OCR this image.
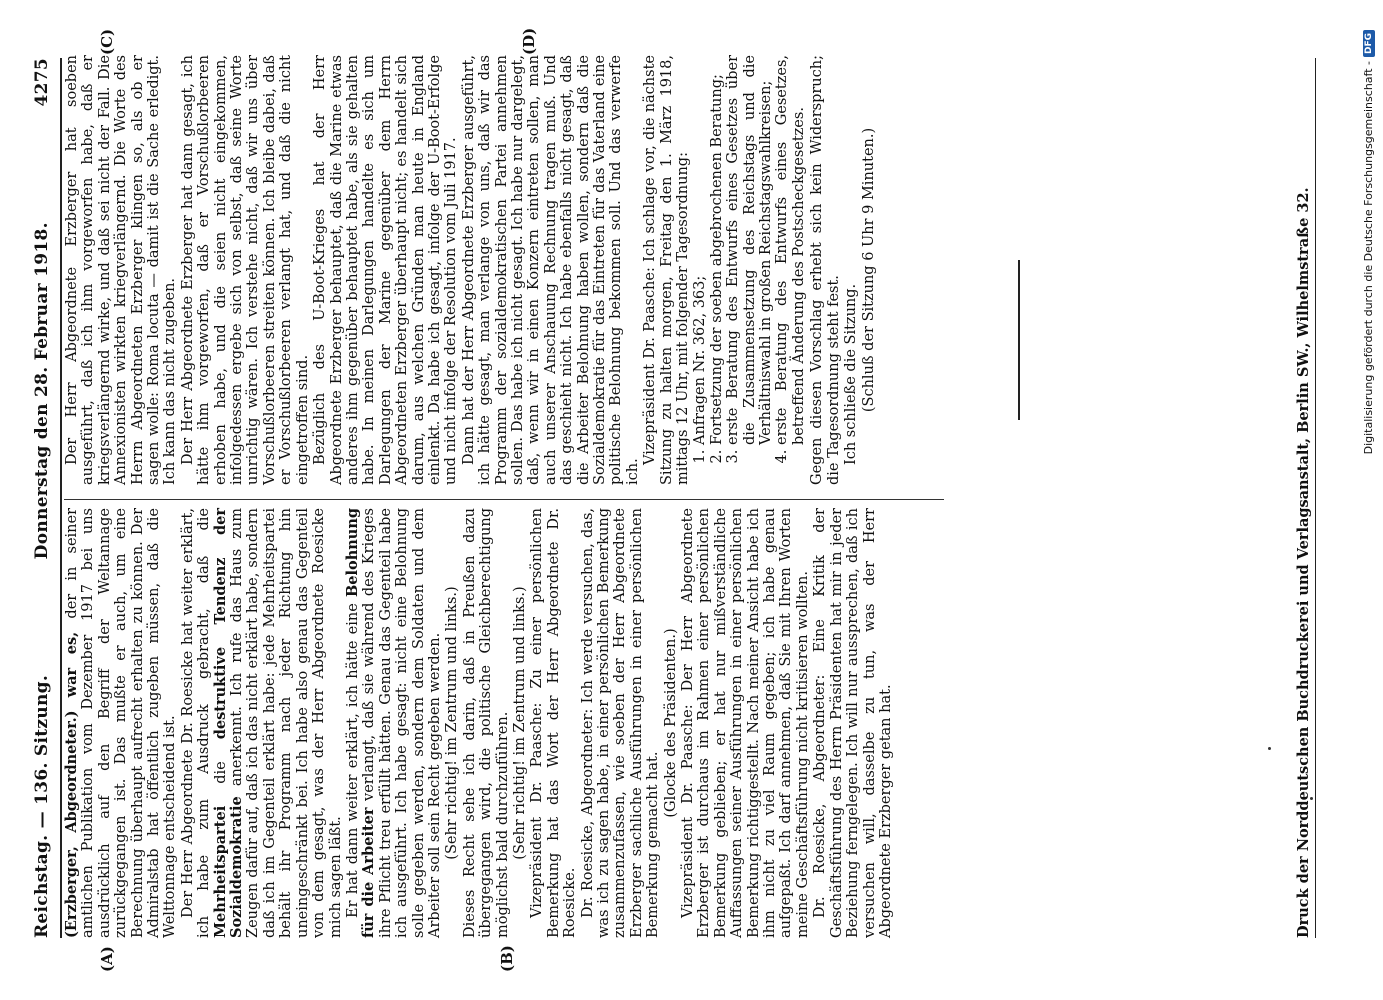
Reichstag. — 136. Sitzung.
Donnerstag den 28. Februar 1918.
4275
(A)	(B)
(C)	(D)

(Erzberger, Abgeordneter.) war es, der in seiner amtlichen Publikation vom Dezember 1917 bei uns ausdrücklich auf den Begriff der Weltannage zurückgegangen ist. Das mußte er auch, um eine Berechnung überhaupt aufrecht erhalten zu können. Der Admiralstab hat öffentlich zugeben müssen, daß die Welttonnage entscheidend ist. Der Herr Abgeordnete Dr. Roesicke hat weiter erklärt, ich habe zum Ausdruck gebracht, daß die Mehrheitspartei die destruktive Tendenz der Sozialdemokratie anerkennt. Ich rufe das Haus zum Zeugen dafür auf, daß ich das nicht erklärt habe, sondern daß ich im Gegenteil erklärt habe: jede Mehrheitspartei behält ihr Programm nach jeder Richtung hin uneingeschränkt bei. Ich habe also genau das Gegenteil von dem gesagt, was der Herr Abgeordnete Roesicke mich sagen läßt. Er hat dann weiter erklärt, ich hätte eine Belohnung für die Arbeiter verlangt, daß sie während des Krieges ihre Pflicht treu erfüllt hätten. Genau das Gegenteil habe ich ausgeführt. Ich habe gesagt: nicht eine Belohnung solle gegeben werden, sondern dem Soldaten und dem Arbeiter soll sein Recht gegeben werden. (Sehr richtig! im Zentrum und links.) Dieses Recht sehe ich darin, daß in Preußen dazu übergegangen wird, die politische Gleichberechtigung möglichst bald durchzuführen. (Sehr richtig! im Zentrum und links.) Vizepräsident Dr. Paasche: Zu einer persönlichen Bemerkung hat das Wort der Herr Abgeordnete Dr. Roesicke. Dr. Roesicke, Abgeordneter: Ich werde versuchen, das, was ich zu sagen habe, in einer persönlichen Bemerkung zusammenzufassen, wie soeben der Herr Abgeordnete Erzberger sachliche Ausführungen in einer persönlichen Bemerkung gemacht hat.

(Glocke des Präsidenten.) Vizepräsident Dr. Paasche: Der Herr Abgeordnete Erzberger ist durchaus im Rahmen einer persönlichen Bemerkung geblieben; er hat nur mißverständliche Auffassungen seiner Ausführungen in einer persönlichen Bemerkung richtiggestellt. Nach meiner Ansicht habe ich ihm nicht zu viel Raum gegeben; ich habe genau aufgepaßt. Ich darf annehmen, daß Sie mit Ihren Worten meine Geschäftsführung nicht kritisieren wollten. Dr. Roesicke, Abgeordneter: Eine Kritik der Geschäftsführung des Herrn Präsidenten hat mir in jeder Beziehung ferngelegen. Ich will nur aussprechen, daß ich versuchen will, dasselbe zu tun, was der Herr Abgeordnete Erzberger getan hat.

Der Herr Abgeordnete Erzberger hat soeben ausgeführt, daß ich ihm vorgeworfen habe, daß er kriegsverlängernd wirke, und daß sei nicht der Fall. Die Annexionisten wirkten kriegverlängernd. Die Worte des Herrn Abgeordneten Erzberger klingen so, als ob er sagen wolle: Roma locuta — damit ist die Sache erledigt. Ich kann das nicht zugeben. Der Herr Abgeordnete Erzberger hat dann gesagt, ich hätte ihm vorgeworfen, daß er Vorschußlorbeeren erhoben habe, und die seien nicht eingekommen, infolgedessen ergebe sich von selbst, daß seine Worte unrichtig wären. Ich verstehe nicht, daß wir uns über Vorschußlorbeeren streiten können. Ich bleibe dabei, daß er Vorschußlorbeeren verlangt hat, und daß die nicht eingetroffen sind. Bezüglich des U-Boot-Krieges hat der Herr Abgeordnete Erzberger behauptet, daß die Marine etwas anderes ihm gegenüber behauptet habe, als sie gehalten habe. In meinen Darlegungen handelte es sich um Darlegungen der Marine gegenüber dem Herrn Abgeordneten Erzberger überhaupt nicht; es handelt sich darum, aus welchen Gründen man heute in England einlenkt. Da habe ich gesagt, infolge der U-Boot-Erfolge und nicht infolge der Resolution vom Juli 1917. Dann hat der Herr Abgeordnete Erzberger ausgeführt, ich hätte gesagt, man verlange von uns, daß wir das Programm der sozialdemokratischen Partei annehmen sollen. Das habe ich nicht gesagt. Ich habe nur dargelegt, daß, wenn wir in einen Konzern eintreten sollen, man auch unserer Anschauung Rechnung tragen muß. Und das geschieht nicht. Ich habe ebenfalls nicht gesagt, daß die Arbeiter Belohnung haben wollen, sondern daß die Sozialdemokratie für das Eintreten für das Vaterland eine politische Belohnung bekommen soll. Und das verwerfe ich.

Vizepräsident Dr. Paasche: Ich schlage vor, die nächste Sitzung zu halten morgen, Freitag den 1. März 1918, mittags 12 Uhr, mit folgender Tagesordnung: 1. Anfragen Nr. 362, 363; 2. Fortsetzung der soeben abgebrochenen Beratung; 3. erste Beratung des Entwurfs eines Gesetzes über die Zusammensetzung des Reichstags und die Verhältniswahl in großen Reichstagswahlkreisen; 4. erste Beratung des Entwurfs eines Gesetzes, betreffend Änderung des Postscheckgesetzes. Gegen diesen Vorschlag erhebt sich kein Widerspruch; die Tagesordnung steht fest. Ich schließe die Sitzung. (Schluß der Sitzung 6 Uhr 9 Minuten.)	Druck der Norddeutschen Buchdruckerei und Verlagsanstalt, Berlin SW., Wilhelmstraße 32.	Digitalisierung gefördert durch die Deutsche Forschungsgemeinschaft -
DFG
